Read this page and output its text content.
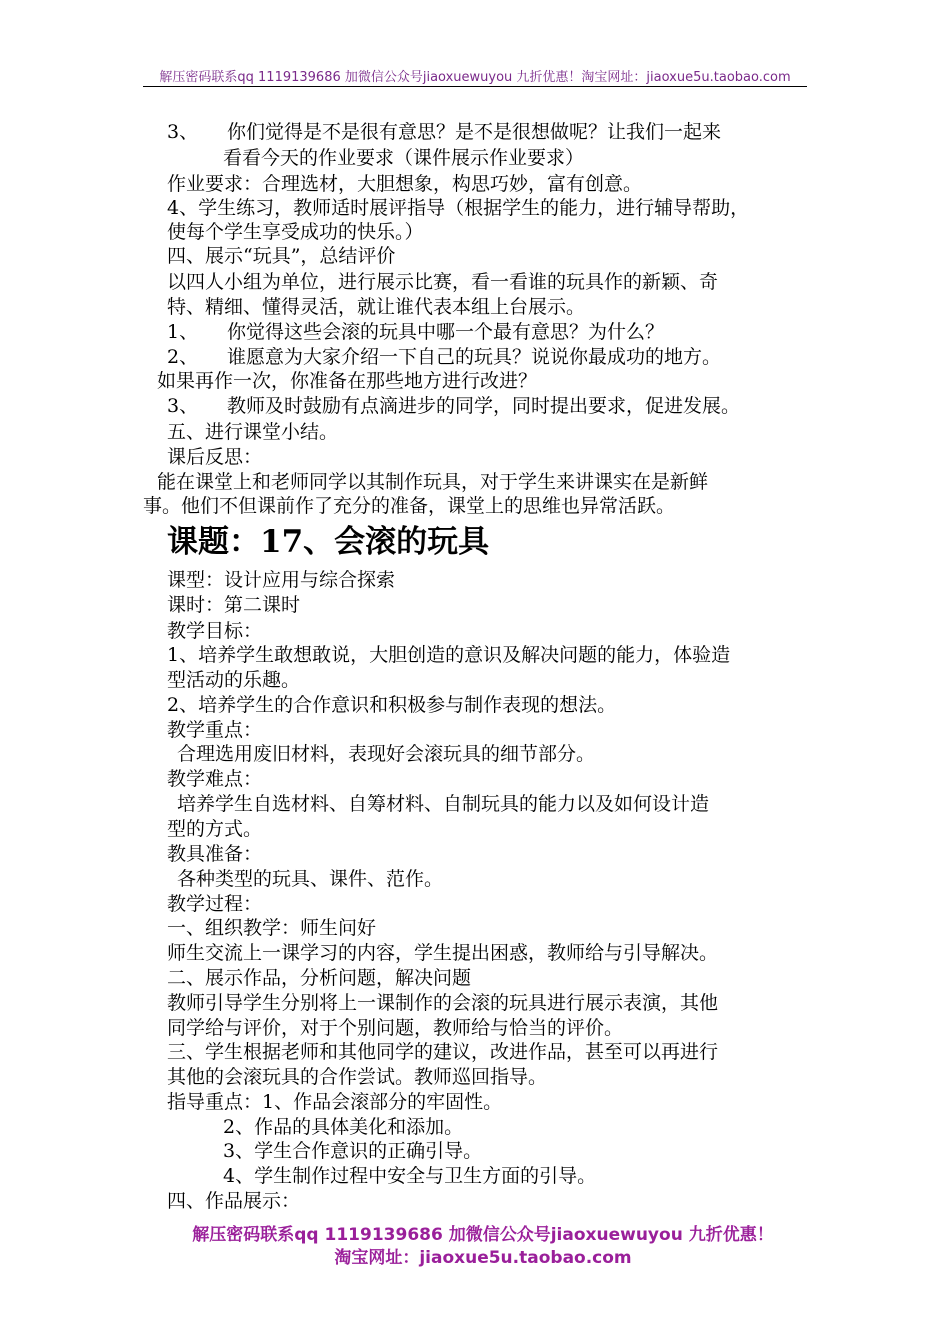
解压密码联系qq 1119139686 加微信公众号jiaoxuewuyou 九折优惠！淘宝网址：jiaoxue5u.taobao.com
3、 你们觉得是不是很有意思？是不是很想做呢？让我们一起来
看看今天的作业要求（课件展示作业要求）
作业要求：合理选材，大胆想象，构思巧妙，富有创意。
4、学生练习，教师适时展评指导（根据学生的能力，进行辅导帮助，
使每个学生享受成功的快乐。）
四、展示“玩具”，总结评价
以四人小组为单位，进行展示比赛，看一看谁的玩具作的新颖、奇
特、精细、懂得灵活，就让谁代表本组上台展示。
1、 你觉得这些会滚的玩具中哪一个最有意思？为什么？
2、 谁愿意为大家介绍一下自己的玩具？说说你最成功的地方。
如果再作一次，你准备在那些地方进行改进？
3、 教师及时鼓励有点滴进步的同学，同时提出要求，促进发展。
五、进行课堂小结。
课后反思：
能在课堂上和老师同学以其制作玩具，对于学生来讲课实在是新鲜
事。他们不但课前作了充分的准备，课堂上的思维也异常活跃。
课题：17、会滚的玩具
课型：设计应用与综合探索
课时：第二课时
教学目标：
1、培养学生敢想敢说，大胆创造的意识及解决问题的能力，体验造
型活动的乐趣。
2、培养学生的合作意识和积极参与制作表现的想法。
教学重点：
合理选用废旧材料，表现好会滚玩具的细节部分。
教学难点：
培养学生自选材料、自筹材料、自制玩具的能力以及如何设计造
型的方式。
教具准备：
各种类型的玩具、课件、范作。
教学过程：
一、组织教学：师生问好
师生交流上一课学习的内容，学生提出困惑，教师给与引导解决。
二、展示作品，分析问题，解决问题
教师引导学生分别将上一课制作的会滚的玩具进行展示表演，其他
同学给与评价，对于个别问题，教师给与恰当的评价。
三、学生根据老师和其他同学的建议，改进作品，甚至可以再进行
其他的会滚玩具的合作尝试。教师巡回指导。
指导重点：1、作品会滚部分的牢固性。
2、作品的具体美化和添加。
3、学生合作意识的正确引导。
4、学生制作过程中安全与卫生方面的引导。
四、作品展示：
解压密码联系qq 1119139686 加微信公众号jiaoxuewuyou 九折优惠！
淘宝网址：jiaoxue5u.taobao.com
